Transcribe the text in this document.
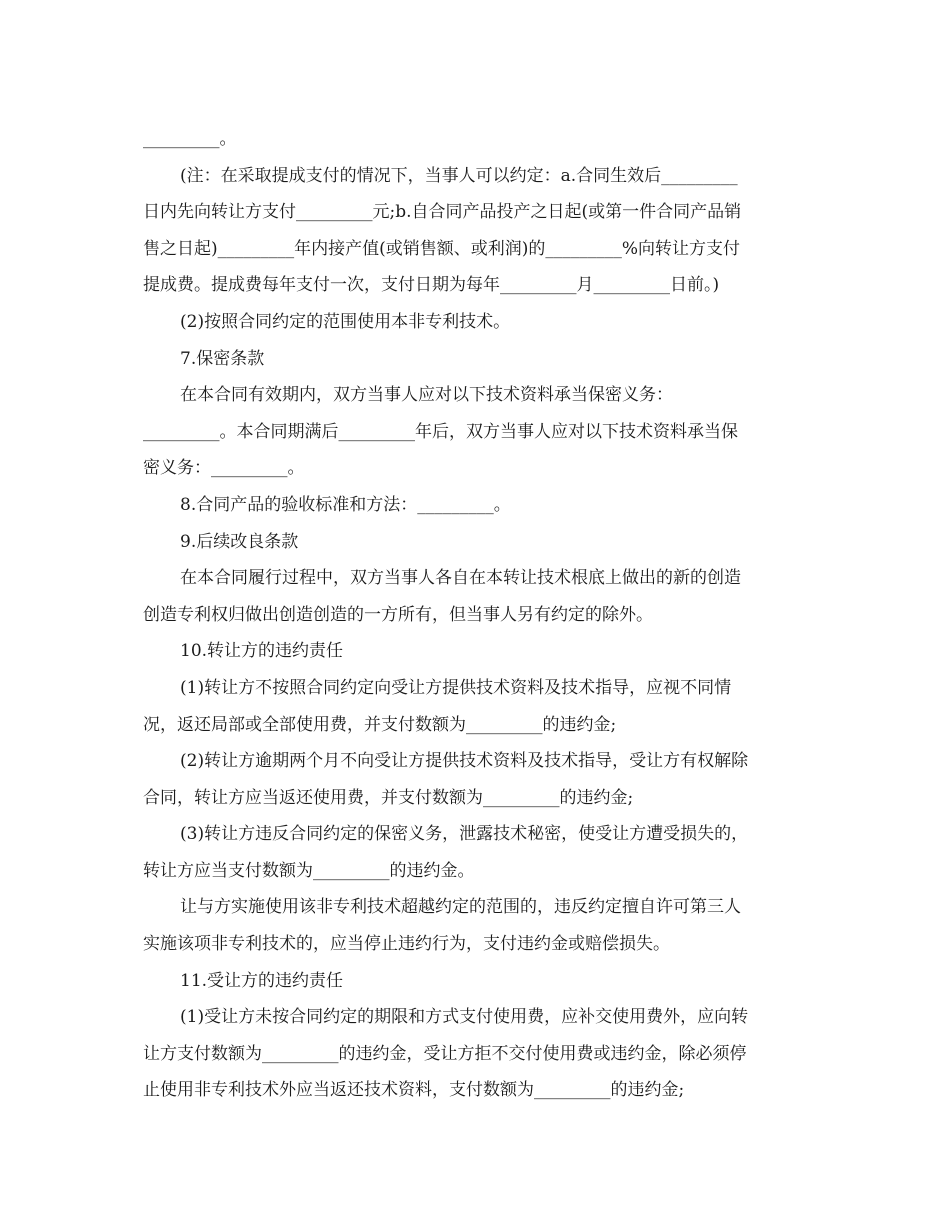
_________。
(注：在采取提成支付的情况下，当事人可以约定：a.合同生效后_________
日内先向转让方支付_________元;b.自合同产品投产之日起(或第一件合同产品销
售之日起)_________年内接产值(或销售额、或利润)的_________%向转让方支付
提成费。提成费每年支付一次，支付日期为每年_________月_________日前。)
(2)按照合同约定的范围使用本非专利技术。
7.保密条款
在本合同有效期内，双方当事人应对以下技术资料承当保密义务：
_________。本合同期满后_________年后，双方当事人应对以下技术资料承当保
密义务：_________。
8.合同产品的验收标准和方法：_________。
9.后续改良条款
在本合同履行过程中，双方当事人各自在本转让技术根底上做出的新的创造
创造专利权归做出创造创造的一方所有，但当事人另有约定的除外。
10.转让方的违约责任
(1)转让方不按照合同约定向受让方提供技术资料及技术指导，应视不同情
况，返还局部或全部使用费，并支付数额为_________的违约金;
(2)转让方逾期两个月不向受让方提供技术资料及技术指导，受让方有权解除
合同，转让方应当返还使用费，并支付数额为_________的违约金;
(3)转让方违反合同约定的保密义务，泄露技术秘密，使受让方遭受损失的，
转让方应当支付数额为_________的违约金。
让与方实施使用该非专利技术超越约定的范围的，违反约定擅自许可第三人
实施该项非专利技术的，应当停止违约行为，支付违约金或赔偿损失。
11.受让方的违约责任
(1)受让方未按合同约定的期限和方式支付使用费，应补交使用费外，应向转
让方支付数额为_________的违约金，受让方拒不交付使用费或违约金，除必须停
止使用非专利技术外应当返还技术资料，支付数额为_________的违约金;
